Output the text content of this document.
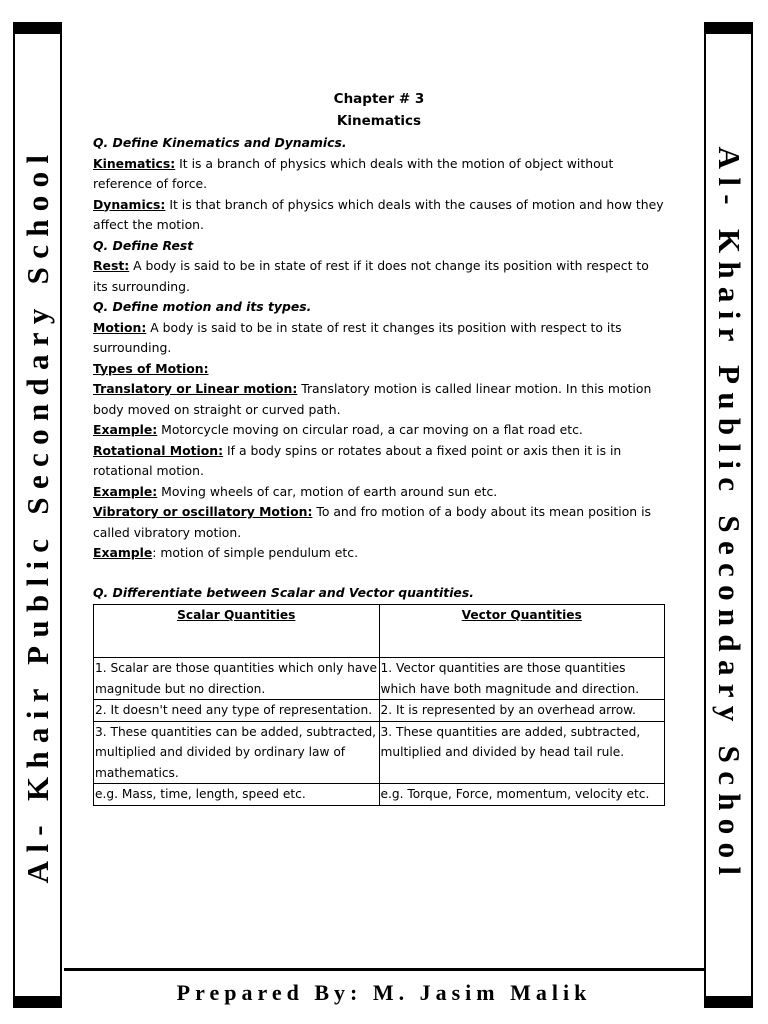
Al- Khair Public Secondary School	Al- Khair Public Secondary School

Chapter # 3

Kinematics

Q. Define Kinematics and Dynamics.

Kinematics: It is a branch of physics which deals with the motion of object without reference of force.

Dynamics: It is that branch of physics which deals with the causes of motion and how they affect the motion.

Q. Define Rest

Rest: A body is said to be in state of rest if it does not change its position with respect to its surrounding.

Q. Define motion and its types.

Motion: A body is said to be in state of rest it changes its position with respect to its surrounding.

Types of Motion:

Translatory or Linear motion: Translatory motion is called linear motion. In this motion body moved on straight or curved path.

Example: Motorcycle moving on circular road, a car moving on a flat road etc.

Rotational Motion: If a body spins or rotates about a fixed point or axis then it is in rotational motion.

Example: Moving wheels of car, motion of earth around sun etc.

Vibratory or oscillatory Motion: To and fro motion of a body about its mean position is called vibratory motion.

Example: motion of simple pendulum etc.

Q. Differentiate between Scalar and Vector quantities.

Scalar Quantities	Vector Quantities
1. Scalar are those quantities which only have magnitude but no direction.	1. Vector quantities are those quantities which have both magnitude and direction.
2. It doesn't need any type of representation.	2. It is represented by an overhead arrow.
3. These quantities can be added, subtracted, multiplied and divided by ordinary law of mathematics.	3. These quantities are added, subtracted, multiplied and divided by head tail rule.
e.g. Mass, time, length, speed etc.	e.g. Torque, Force, momentum, velocity etc.
Prepared By: M. Jasim Malik
